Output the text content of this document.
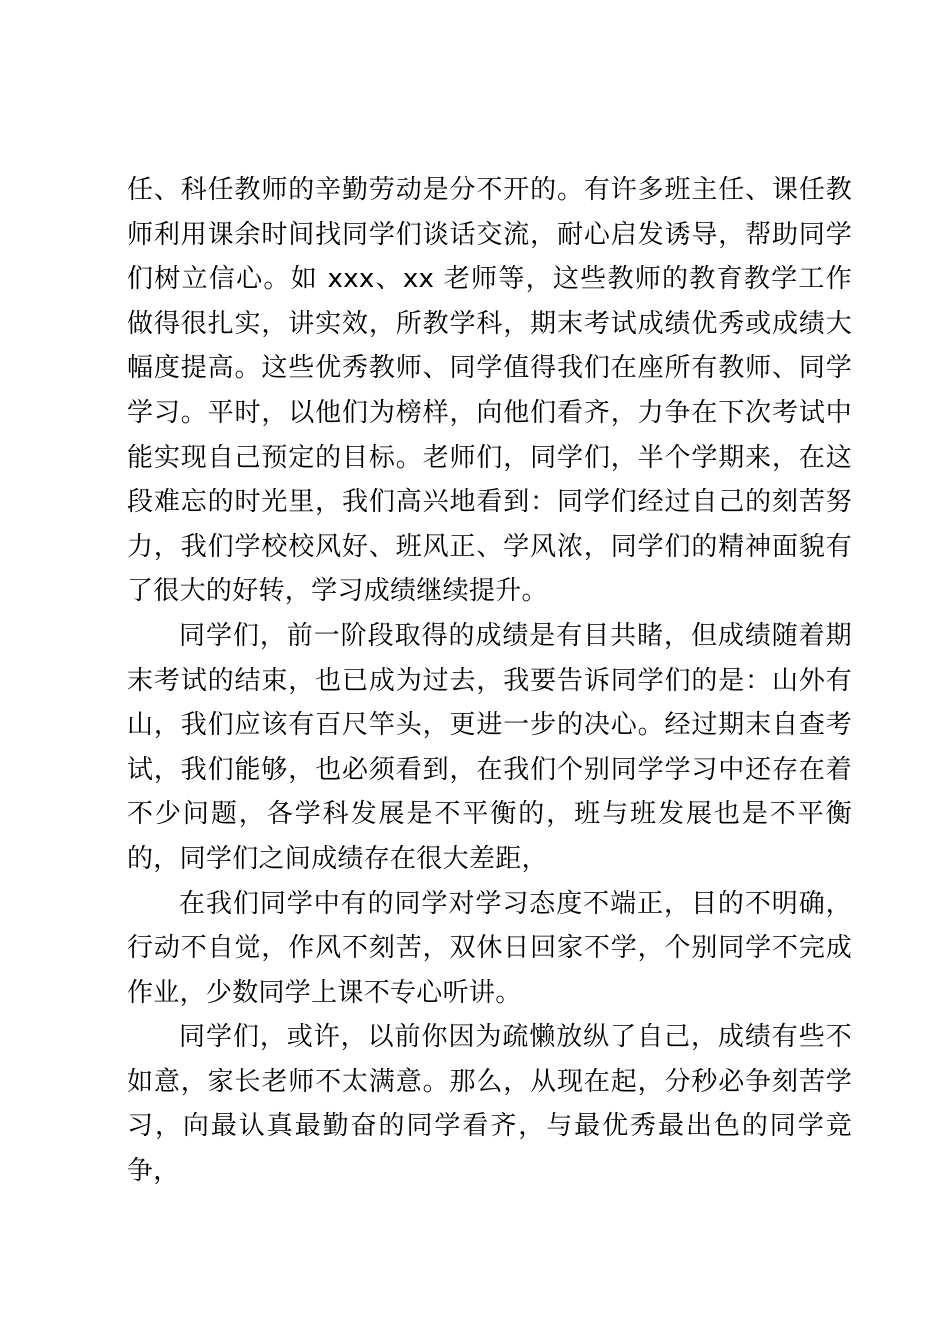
任、科任教师的辛勤劳动是分不开的。有许多班主任、课任教师利用课余时间找同学们谈话交流，耐心启发诱导，帮助同学们树立信心。如 xxx、xx 老师等，这些教师的教育教学工作做得很扎实，讲实效，所教学科，期末考试成绩优秀或成绩大幅度提高。这些优秀教师、同学值得我们在座所有教师、同学学习。平时，以他们为榜样，向他们看齐，力争在下次考试中能实现自己预定的目标。老师们，同学们，半个学期来，在这段难忘的时光里，我们高兴地看到：同学们经过自己的刻苦努力，我们学校校风好、班风正、学风浓，同学们的精神面貌有了很大的好转，学习成绩继续提升。

同学们，前一阶段取得的成绩是有目共睹，但成绩随着期末考试的结束，也已成为过去，我要告诉同学们的是：山外有山，我们应该有百尺竿头，更进一步的决心。经过期末自查考试，我们能够，也必须看到，在我们个别同学学习中还存在着不少问题，各学科发展是不平衡的，班与班发展也是不平衡的，同学们之间成绩存在很大差距，

在我们同学中有的同学对学习态度不端正，目的不明确，行动不自觉，作风不刻苦，双休日回家不学，个别同学不完成作业，少数同学上课不专心听讲。

同学们，或许，以前你因为疏懒放纵了自己，成绩有些不如意，家长老师不太满意。那么，从现在起，分秒必争刻苦学习，向最认真最勤奋的同学看齐，与最优秀最出色的同学竞争，
